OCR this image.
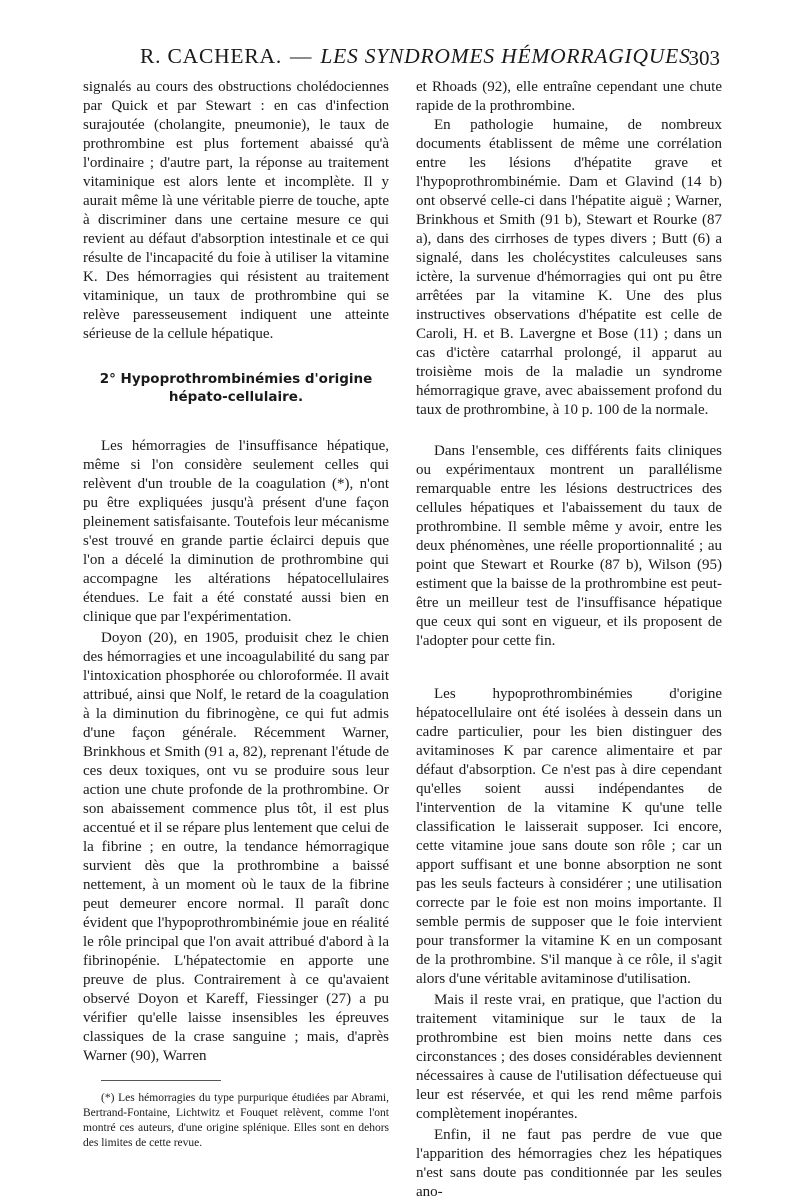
R. CACHERA. — LES SYNDROMES HÉMORRAGIQUES
303

signalés au cours des obstructions cholédociennes par Quick et par Stewart : en cas d'infection surajoutée (cholangite, pneumonie), le taux de prothrombine est plus fortement abaissé qu'à l'ordinaire ; d'autre part, la réponse au traitement vitaminique est alors lente et incomplète. Il y aurait même là une véritable pierre de touche, apte à discriminer dans une certaine mesure ce qui revient au défaut d'absorption intestinale et ce qui résulte de l'incapacité du foie à utiliser la vitamine K. Des hémorragies qui résistent au traitement vitaminique, un taux de prothrombine qui se relève paresseusement indiquent une atteinte sérieuse de la cellule hépatique.

2° Hypoprothrombinémies d'origine
hépato-cellulaire.

Les hémorragies de l'insuffisance hépatique, même si l'on considère seulement celles qui relèvent d'un trouble de la coagulation (*), n'ont pu être expliquées jusqu'à présent d'une façon pleinement satisfaisante. Toutefois leur mécanisme s'est trouvé en grande partie éclairci depuis que l'on a décelé la diminution de prothrombine qui accompagne les altérations hépatocellulaires étendues. Le fait a été constaté aussi bien en clinique que par l'expérimentation.

Doyon (20), en 1905, produisit chez le chien des hémorragies et une incoagulabilité du sang par l'intoxication phosphorée ou chloroformée. Il avait attribué, ainsi que Nolf, le retard de la coagulation à la diminution du fibrinogène, ce qui fut admis d'une façon générale. Récemment Warner, Brinkhous et Smith (91 a, 82), reprenant l'étude de ces deux toxiques, ont vu se produire sous leur action une chute profonde de la prothrombine. Or son abaissement commence plus tôt, il est plus accentué et il se répare plus lentement que celui de la fibrine ; en outre, la tendance hémorragique survient dès que la prothrombine a baissé nettement, à un moment où le taux de la fibrine peut demeurer encore normal. Il paraît donc évident que l'hypoprothrombinémie joue en réalité le rôle principal que l'on avait attribué d'abord à la fibrinopénie. L'hépatectomie en apporte une preuve de plus. Contrairement à ce qu'avaient observé Doyon et Kareff, Fiessinger (27) a pu vérifier qu'elle laisse insensibles les épreuves classiques de la crase sanguine ; mais, d'après Warner (90), Warren

(*) Les hémorragies du type purpurique étudiées par Abrami, Bertrand-Fontaine, Lichtwitz et Fouquet relèvent, comme l'ont montré ces auteurs, d'une origine splénique. Elles sont en dehors des limites de cette revue.

et Rhoads (92), elle entraîne cependant une chute rapide de la prothrombine.

En pathologie humaine, de nombreux documents établissent de même une corrélation entre les lésions d'hépatite grave et l'hypoprothrombinémie. Dam et Glavind (14 b) ont observé celle-ci dans l'hépatite aiguë ; Warner, Brinkhous et Smith (91 b), Stewart et Rourke (87 a), dans des cirrhoses de types divers ; Butt (6) a signalé, dans les cholécystites calculeuses sans ictère, la survenue d'hémorragies qui ont pu être arrêtées par la vitamine K. Une des plus instructives observations d'hépatite est celle de Caroli, H. et B. Lavergne et Bose (11) ; dans un cas d'ictère catarrhal prolongé, il apparut au troisième mois de la maladie un syndrome hémorragique grave, avec abaissement profond du taux de prothrombine, à 10 p. 100 de la normale.

Dans l'ensemble, ces différents faits cliniques ou expérimentaux montrent un parallélisme remarquable entre les lésions destructrices des cellules hépatiques et l'abaissement du taux de prothrombine. Il semble même y avoir, entre les deux phénomènes, une réelle proportionnalité ; au point que Stewart et Rourke (87 b), Wilson (95) estiment que la baisse de la prothrombine est peut-être un meilleur test de l'insuffisance hépatique que ceux qui sont en vigueur, et ils proposent de l'adopter pour cette fin.

Les hypoprothrombinémies d'origine hépatocellulaire ont été isolées à dessein dans un cadre particulier, pour les bien distinguer des avitaminoses K par carence alimentaire et par défaut d'absorption. Ce n'est pas à dire cependant qu'elles soient aussi indépendantes de l'intervention de la vitamine K qu'une telle classification le laisserait supposer. Ici encore, cette vitamine joue sans doute son rôle ; car un apport suffisant et une bonne absorption ne sont pas les seuls facteurs à considérer ; une utilisation correcte par le foie est non moins importante. Il semble permis de supposer que le foie intervient pour transformer la vitamine K en un composant de la prothrombine. S'il manque à ce rôle, il s'agit alors d'une véritable avitaminose d'utilisation.

Mais il reste vrai, en pratique, que l'action du traitement vitaminique sur le taux de la prothrombine est bien moins nette dans ces circonstances ; des doses considérables deviennent nécessaires à cause de l'utilisation défectueuse qui leur est réservée, et qui les rend même parfois complètement inopérantes.

Enfin, il ne faut pas perdre de vue que l'apparition des hémorragies chez les hépatiques n'est sans doute pas conditionnée par les seules ano-
